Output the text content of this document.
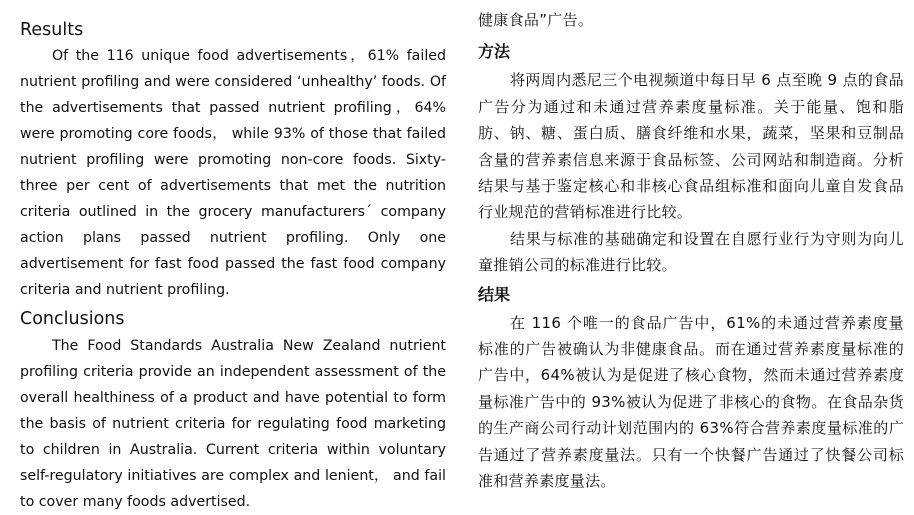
Results

Of the 116 unique food advertisements，61% failed nutrient profiling and were considered ‘unhealthy’ foods. Of the advertisements that passed nutrient profiling，64% were promoting core foods， while 93% of those that failed nutrient profiling were promoting non-core foods. Sixty-three per cent of advertisements that met the nutrition criteria outlined in the grocery manufacturers´ company action plans passed nutrient profiling. Only one advertisement for fast food passed the fast food company criteria and nutrient profiling.

Conclusions

The Food Standards Australia New Zealand nutrient profiling criteria provide an independent assessment of the overall healthiness of a product and have potential to form the basis of nutrient criteria for regulating food marketing to children in Australia. Current criteria within voluntary self-regulatory initiatives are complex and lenient， and fail to cover many foods advertised.

健康食品”广告。

方法

将两周内悉尼三个电视频道中每日早 6 点至晚 9 点的食品广告分为通过和未通过营养素度量标准。关于能量、饱和脂肪、钠、糖、蛋白质、膳食纤维和水果，蔬菜，坚果和豆制品含量的营养素信息来源于食品标签、公司网站和制造商。分析结果与基于鉴定核心和非核心食品组标准和面向儿童自发食品行业规范的营销标准进行比较。

结果与标准的基础确定和设置在自愿行业行为守则为向儿童推销公司的标准进行比较。

结果

在 116 个唯一的食品广告中，61%的未通过营养素度量标准的广告被确认为非健康食品。而在通过营养素度量标准的广告中，64%被认为是促进了核心食物，然而未通过营养素度量标准广告中的 93%被认为促进了非核心的食物。在食品杂货的生产商公司行动计划范围内的 63%符合营养素度量标准的广告通过了营养素度量法。只有一个快餐广告通过了快餐公司标准和营养素度量法。
